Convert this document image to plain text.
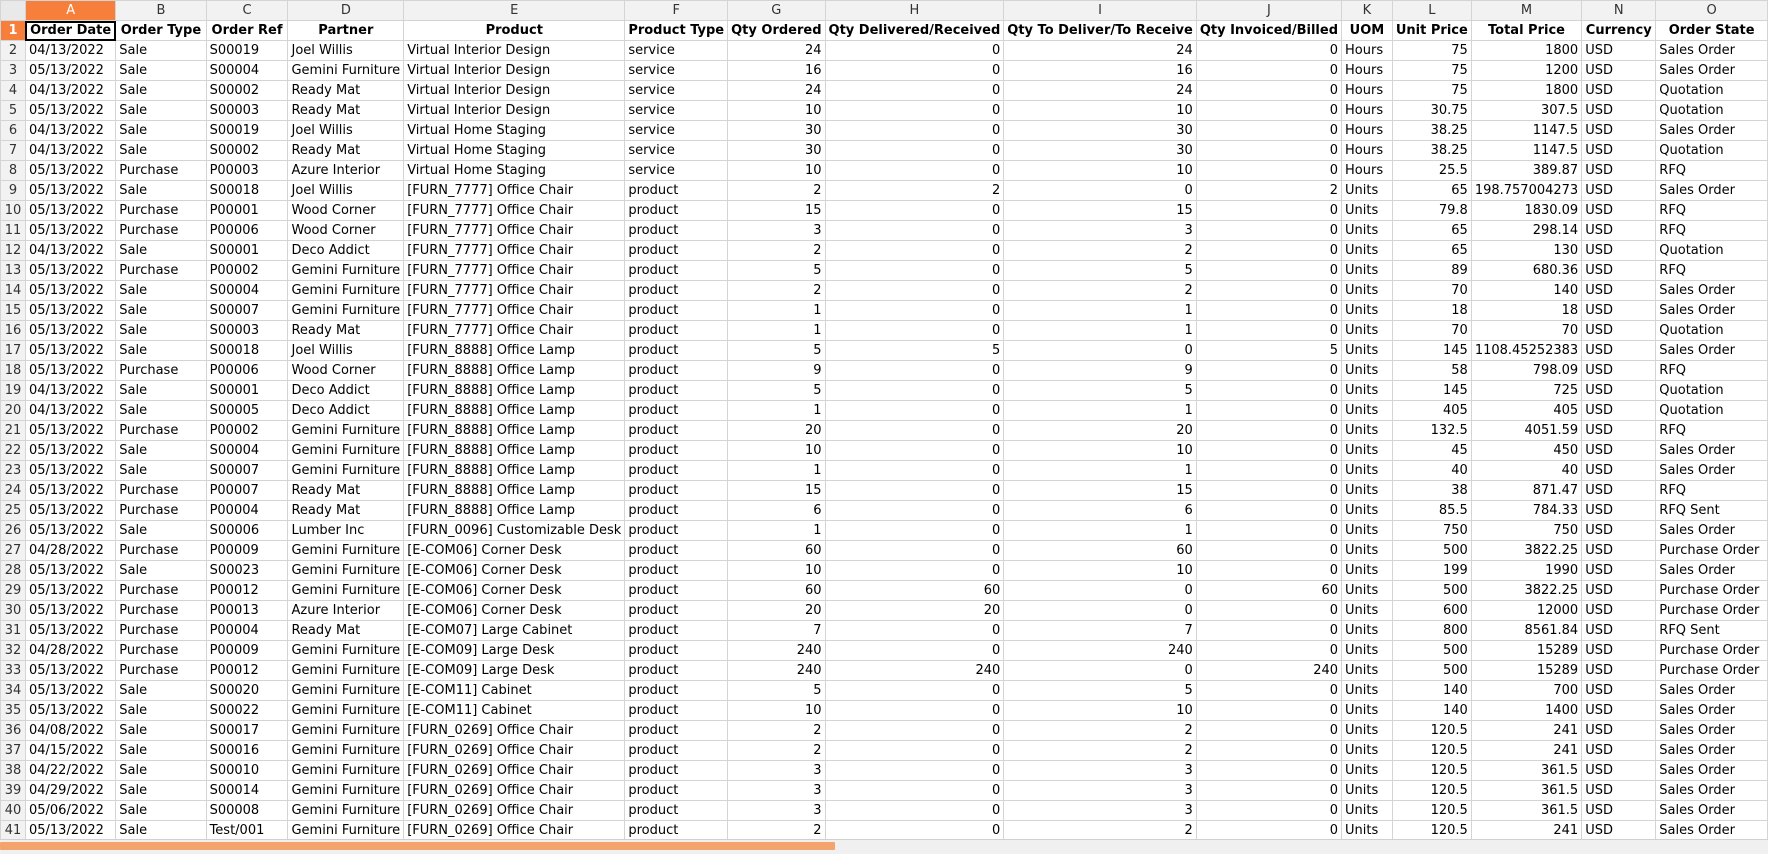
	A	B	C	D	E	F	G	H	I	J	K	L	M	N	O
1	Order Date	Order Type	Order Ref	Partner	Product	Product Type	Qty Ordered	Qty Delivered/Received	Qty To Deliver/To Receive	Qty Invoiced/Billed	UOM	Unit Price	Total Price	Currency	Order State
2	04/13/2022	Sale	S00019	Joel Willis	Virtual Interior Design	service	24	0	24	0	Hours	75	1800	USD	Sales Order
3	05/13/2022	Sale	S00004	Gemini Furniture	Virtual Interior Design	service	16	0	16	0	Hours	75	1200	USD	Sales Order
4	04/13/2022	Sale	S00002	Ready Mat	Virtual Interior Design	service	24	0	24	0	Hours	75	1800	USD	Quotation
5	05/13/2022	Sale	S00003	Ready Mat	Virtual Interior Design	service	10	0	10	0	Hours	30.75	307.5	USD	Quotation
6	04/13/2022	Sale	S00019	Joel Willis	Virtual Home Staging	service	30	0	30	0	Hours	38.25	1147.5	USD	Sales Order
7	04/13/2022	Sale	S00002	Ready Mat	Virtual Home Staging	service	30	0	30	0	Hours	38.25	1147.5	USD	Quotation
8	05/13/2022	Purchase	P00003	Azure Interior	Virtual Home Staging	service	10	0	10	0	Hours	25.5	389.87	USD	RFQ
9	05/13/2022	Sale	S00018	Joel Willis	[FURN_7777] Office Chair	product	2	2	0	2	Units	65	198.757004273	USD	Sales Order
10	05/13/2022	Purchase	P00001	Wood Corner	[FURN_7777] Office Chair	product	15	0	15	0	Units	79.8	1830.09	USD	RFQ
11	05/13/2022	Purchase	P00006	Wood Corner	[FURN_7777] Office Chair	product	3	0	3	0	Units	65	298.14	USD	RFQ
12	04/13/2022	Sale	S00001	Deco Addict	[FURN_7777] Office Chair	product	2	0	2	0	Units	65	130	USD	Quotation
13	05/13/2022	Purchase	P00002	Gemini Furniture	[FURN_7777] Office Chair	product	5	0	5	0	Units	89	680.36	USD	RFQ
14	05/13/2022	Sale	S00004	Gemini Furniture	[FURN_7777] Office Chair	product	2	0	2	0	Units	70	140	USD	Sales Order
15	05/13/2022	Sale	S00007	Gemini Furniture	[FURN_7777] Office Chair	product	1	0	1	0	Units	18	18	USD	Sales Order
16	05/13/2022	Sale	S00003	Ready Mat	[FURN_7777] Office Chair	product	1	0	1	0	Units	70	70	USD	Quotation
17	05/13/2022	Sale	S00018	Joel Willis	[FURN_8888] Office Lamp	product	5	5	0	5	Units	145	1108.45252383	USD	Sales Order
18	05/13/2022	Purchase	P00006	Wood Corner	[FURN_8888] Office Lamp	product	9	0	9	0	Units	58	798.09	USD	RFQ
19	04/13/2022	Sale	S00001	Deco Addict	[FURN_8888] Office Lamp	product	5	0	5	0	Units	145	725	USD	Quotation
20	04/13/2022	Sale	S00005	Deco Addict	[FURN_8888] Office Lamp	product	1	0	1	0	Units	405	405	USD	Quotation
21	05/13/2022	Purchase	P00002	Gemini Furniture	[FURN_8888] Office Lamp	product	20	0	20	0	Units	132.5	4051.59	USD	RFQ
22	05/13/2022	Sale	S00004	Gemini Furniture	[FURN_8888] Office Lamp	product	10	0	10	0	Units	45	450	USD	Sales Order
23	05/13/2022	Sale	S00007	Gemini Furniture	[FURN_8888] Office Lamp	product	1	0	1	0	Units	40	40	USD	Sales Order
24	05/13/2022	Purchase	P00007	Ready Mat	[FURN_8888] Office Lamp	product	15	0	15	0	Units	38	871.47	USD	RFQ
25	05/13/2022	Purchase	P00004	Ready Mat	[FURN_8888] Office Lamp	product	6	0	6	0	Units	85.5	784.33	USD	RFQ Sent
26	05/13/2022	Sale	S00006	Lumber Inc	[FURN_0096] Customizable Desk	product	1	0	1	0	Units	750	750	USD	Sales Order
27	04/28/2022	Purchase	P00009	Gemini Furniture	[E-COM06] Corner Desk	product	60	0	60	0	Units	500	3822.25	USD	Purchase Order
28	05/13/2022	Sale	S00023	Gemini Furniture	[E-COM06] Corner Desk	product	10	0	10	0	Units	199	1990	USD	Sales Order
29	05/13/2022	Purchase	P00012	Gemini Furniture	[E-COM06] Corner Desk	product	60	60	0	60	Units	500	3822.25	USD	Purchase Order
30	05/13/2022	Purchase	P00013	Azure Interior	[E-COM06] Corner Desk	product	20	20	0	0	Units	600	12000	USD	Purchase Order
31	05/13/2022	Purchase	P00004	Ready Mat	[E-COM07] Large Cabinet	product	7	0	7	0	Units	800	8561.84	USD	RFQ Sent
32	04/28/2022	Purchase	P00009	Gemini Furniture	[E-COM09] Large Desk	product	240	0	240	0	Units	500	15289	USD	Purchase Order
33	05/13/2022	Purchase	P00012	Gemini Furniture	[E-COM09] Large Desk	product	240	240	0	240	Units	500	15289	USD	Purchase Order
34	05/13/2022	Sale	S00020	Gemini Furniture	[E-COM11] Cabinet	product	5	0	5	0	Units	140	700	USD	Sales Order
35	05/13/2022	Sale	S00022	Gemini Furniture	[E-COM11] Cabinet	product	10	0	10	0	Units	140	1400	USD	Sales Order
36	04/08/2022	Sale	S00017	Gemini Furniture	[FURN_0269] Office Chair	product	2	0	2	0	Units	120.5	241	USD	Sales Order
37	04/15/2022	Sale	S00016	Gemini Furniture	[FURN_0269] Office Chair	product	2	0	2	0	Units	120.5	241	USD	Sales Order
38	04/22/2022	Sale	S00010	Gemini Furniture	[FURN_0269] Office Chair	product	3	0	3	0	Units	120.5	361.5	USD	Sales Order
39	04/29/2022	Sale	S00014	Gemini Furniture	[FURN_0269] Office Chair	product	3	0	3	0	Units	120.5	361.5	USD	Sales Order
40	05/06/2022	Sale	S00008	Gemini Furniture	[FURN_0269] Office Chair	product	3	0	3	0	Units	120.5	361.5	USD	Sales Order
41	05/13/2022	Sale	Test/001	Gemini Furniture	[FURN_0269] Office Chair	product	2	0	2	0	Units	120.5	241	USD	Sales Order
